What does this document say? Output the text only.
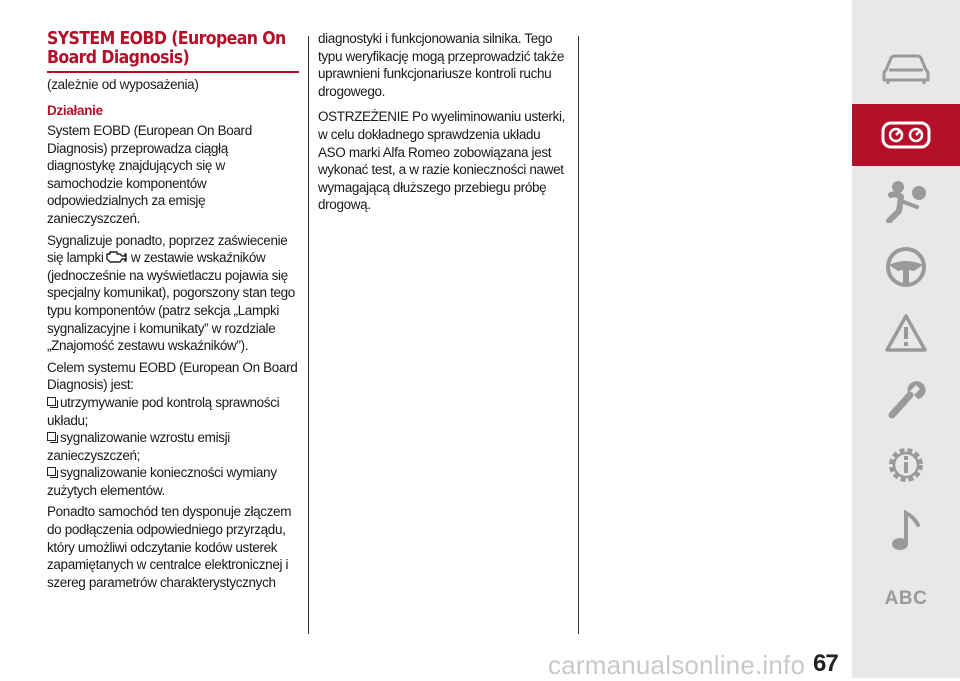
SYSTEM EOBD (European On
Board Diagnosis)
(zależnie od wyposażenia)
Działanie

System EOBD (European On Board Diagnosis) przeprowadza ciągłą diagnostykę znajdujących się w samochodzie komponentów odpowiedzialnych za emisję zanieczyszczeń.

Sygnalizuje ponadto, poprzez zaświecenie się lampki w zestawie wskaźników (jednocześnie na wyświetlaczu pojawia się specjalny komunikat), pogorszony stan tego typu komponentów (patrz sekcja „Lampki sygnalizacyjne i komunikaty” w rozdziale „Znajomość zestawu wskaźników”).

Celem systemu EOBD (European On Board Diagnosis) jest:

utrzymywanie pod kontrolą sprawności układu;
sygnalizowanie wzrostu emisji zanieczyszczeń;
sygnalizowanie konieczności wymiany zużytych elementów.

Ponadto samochód ten dysponuje złączem do podłączenia odpowiedniego przyrządu, który umożliwi odczytanie kodów usterek zapamiętanych w centralce elektronicznej i szereg parametrów charakterystycznych

diagnostyki i funkcjonowania silnika. Tego typu weryfikację mogą przeprowadzić także uprawnieni funkcjonariusze kontroli ruchu drogowego.

OSTRZEŻENIE Po wyeliminowaniu usterki, w celu dokładnego sprawdzenia układu ASO marki Alfa Romeo zobowiązana jest wykonać test, a w razie konieczności nawet wymagającą dłuższego przebiegu próbę drogową.

67
carmanualsonline.info
ABC
